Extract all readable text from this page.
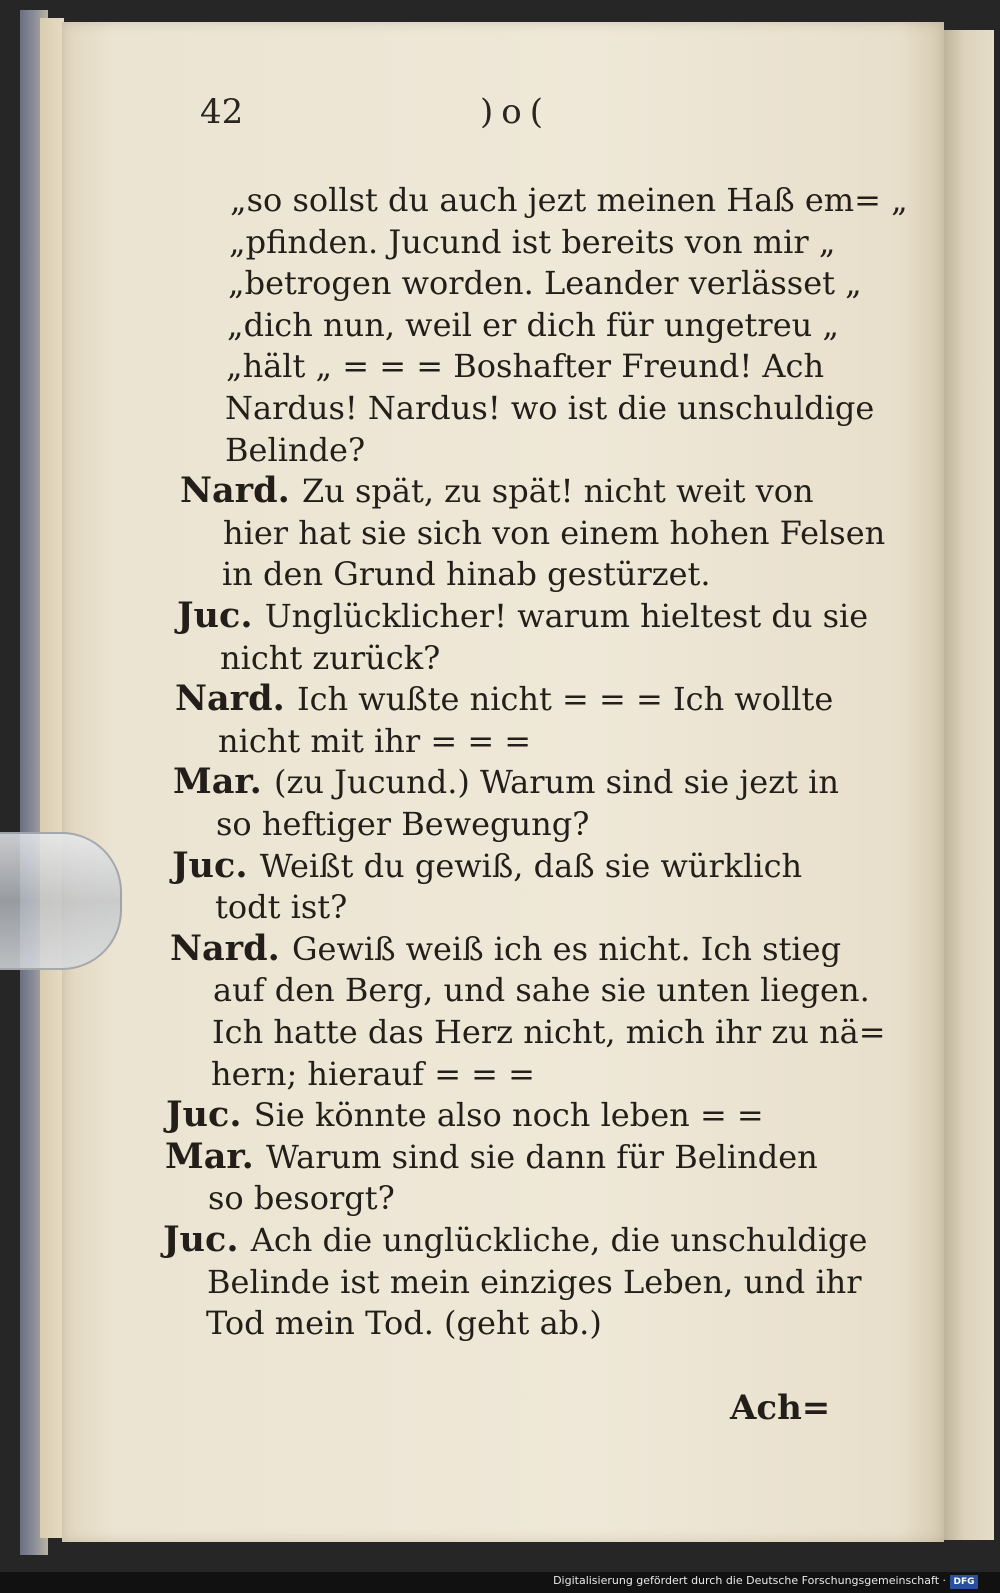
42	)o(
„so sollst du auch jezt meinen Haß em= „
„pfinden. Jucund ist bereits von mir „
„betrogen worden. Leander verlässet „
„dich nun, weil er dich für ungetreu „
„hält „ = = = Boshafter Freund! Ach
Nardus! Nardus! wo ist die unschuldige
Belinde?
Nard. Zu spät, zu spät! nicht weit von
hier hat sie sich von einem hohen Felsen
in den Grund hinab gestürzet.
Juc. Unglücklicher! warum hieltest du sie
nicht zurück?
Nard. Ich wußte nicht = = = Ich wollte
nicht mit ihr = = =
Mar. (zu Jucund.) Warum sind sie jezt in
so heftiger Bewegung?
Juc. Weißt du gewiß, daß sie würklich
todt ist?
Nard. Gewiß weiß ich es nicht. Ich stieg
auf den Berg, und sahe sie unten liegen.
Ich hatte das Herz nicht, mich ihr zu nä=
hern; hierauf = = =
Juc. Sie könnte also noch leben = =
Mar. Warum sind sie dann für Belinden
so besorgt?
Juc. Ach die unglückliche, die unschuldige
Belinde ist mein einziges Leben, und ihr
Tod mein Tod. (geht ab.)
Ach=
Digitalisierung gefördert durch die Deutsche Forschungsgemeinschaft · DFG
